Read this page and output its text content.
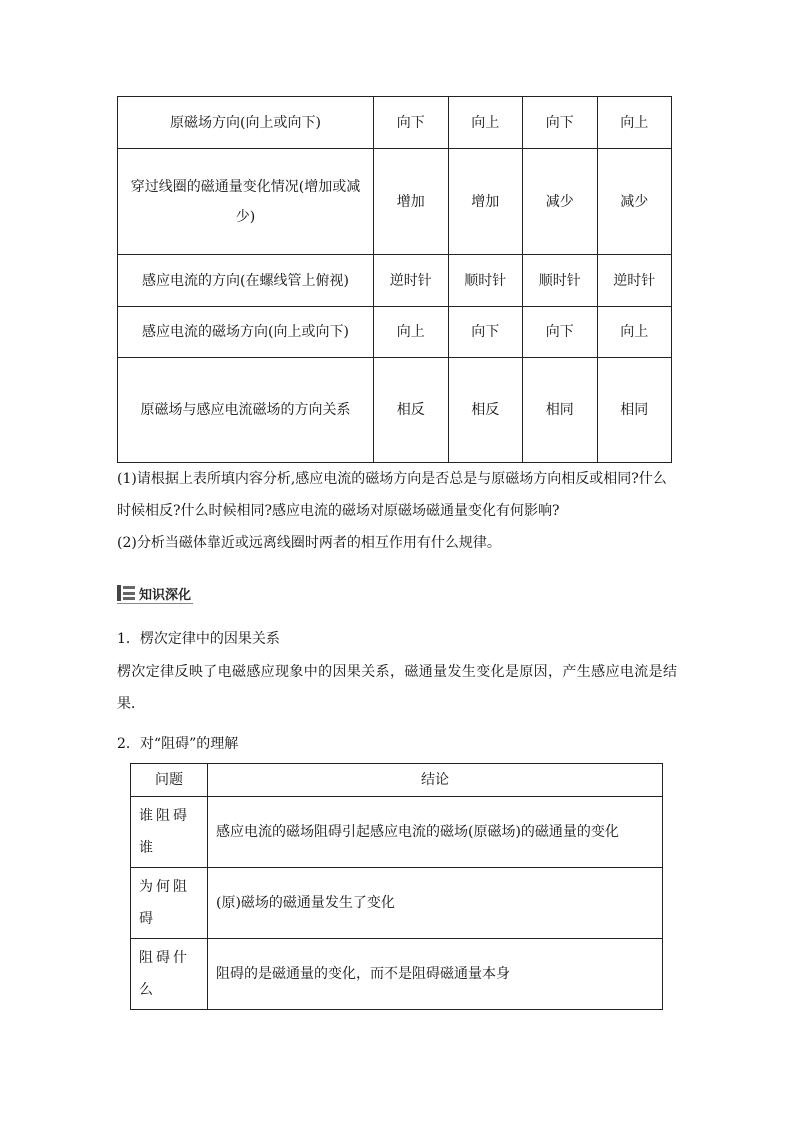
原磁场方向(向上或向下)	向下	向上	向下	向上
穿过线圈的磁通量变化情况(增加或减少)	增加	增加	减少	减少
感应电流的方向(在螺线管上俯视)	逆时针	顺时针	顺时针	逆时针
感应电流的磁场方向(向上或向下)	向上	向下	向下	向上
原磁场与感应电流磁场的方向关系	相反	相反	相同	相同
(1)请根据上表所填内容分析,感应电流的磁场方向是否总是与原磁场方向相反或相同?什么时候相反?什么时候相同?感应电流的磁场对原磁场磁通量变化有何影响?
(2)分析当磁体靠近或远离线圈时两者的相互作用有什么规律。
知识深化
1．楞次定律中的因果关系
楞次定律反映了电磁感应现象中的因果关系，磁通量发生变化是原因，产生感应电流是结果．
2．对“阻碍”的理解
问题	结论
谁阻碍谁	感应电流的磁场阻碍引起感应电流的磁场(原磁场)的磁通量的变化
为何阻碍	(原)磁场的磁通量发生了变化
阻碍什么	阻碍的是磁通量的变化，而不是阻碍磁通量本身
